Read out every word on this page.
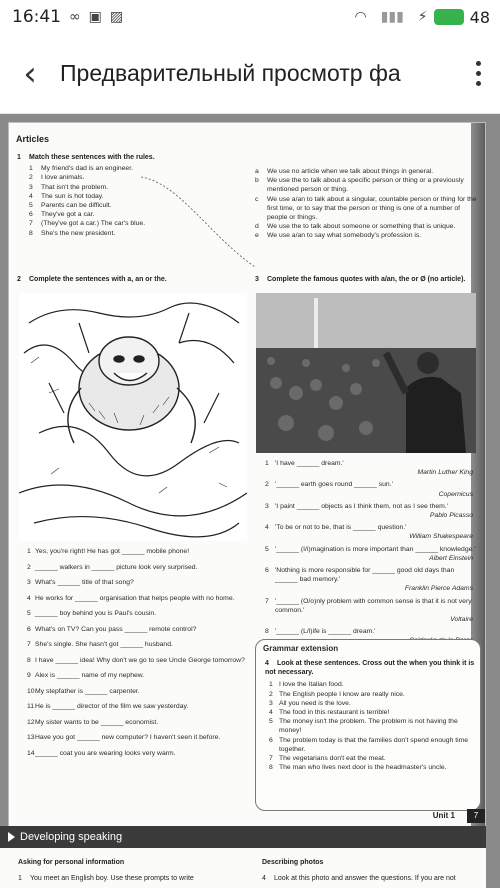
16:41 ∞ ▣ ▨	◠ ▮▮▮ ⚡	48
‹ Предварительный просмотр фа
Articles
1 Match these sentences with the rules.
1 My friend's dad is an engineer.
2 I love animals.
3 That isn't the problem.
4 The sun is hot today.
5 Parents can be difficult.
6 They've got a car.
7 (They've got a car.) The car's blue.
8 She's the new president.
a	We use no article when we talk about things in general.
b	We use the to talk about a specific person or thing or a previously mentioned person or thing.
c	We use a/an to talk about a singular, countable person or thing for the first time, or to say that the person or thing is one of a number of people or things.
d	We use the to talk about someone or something that is unique.
e	We use a/an to say what somebody's profession is.
2 Complete the sentences with a, an or the.	3 Complete the famous quotes with a/an, the or Ø (no article).
1 'I have ______ dream.'
Martin Luther King
2 '______ earth goes round ______ sun.'
Copernicus
3 'I paint ______ objects as I think them, not as I see them.'
Pablo Picasso
4 'To be or not to be, that is ______ question.'
William Shakespeare
5 '______ (I/i)magination is more important than ______ knowledge.'
Albert Einstein
6 'Nothing is more responsible for ______ good old days than ______ bad memory.'
Franklin Pierce Adams
7 '______ (O/o)nly problem with common sense is that it is not very common.'
Voltaire
8 '______ (L/l)ife is ______ dream.'
1 Yes, you're right! He has got ______ mobile phone!
2 ______ walkers in ______ picture look very surprised.
3 What's ______ title of that song?
4 He works for ______ organisation that helps people with no home.
5 ______ boy behind you is Paul's cousin.
6 What's on TV? Can you pass ______ remote control?
7 She's single. She hasn't got ______ husband.
8 I have ______ idea! Why don't we go to see Uncle George tomorrow?
9 Alex is ______ name of my nephew.
10 My stepfather is ______ carpenter.
11 He is ______ director of the film we saw yesterday.
12 My sister wants to be ______ economist.
13 Have you got ______ new computer? I haven't seen it before.
14 ______ coat you are wearing looks very warm.
Grammar extension
4 Look at these sentences. Cross out the when you think it is not necessary.
1 I love the Italian food.
2 The English people I know are really nice.
3 All you need is the love.
4 The food in this restaurant is terrible!
5 The money isn't the problem. The problem is not having the money!
6 The problem today is that the families don't spend enough time together.
7 The vegetarians don't eat the meat.
8 The man who lives next door is the headmaster's uncle.
Unit 1	7
Developing speaking
Asking for personal information
1 You meet an English boy. Use these prompts to write
Describing photos
4 Look at this photo and answer the questions. If you are not
